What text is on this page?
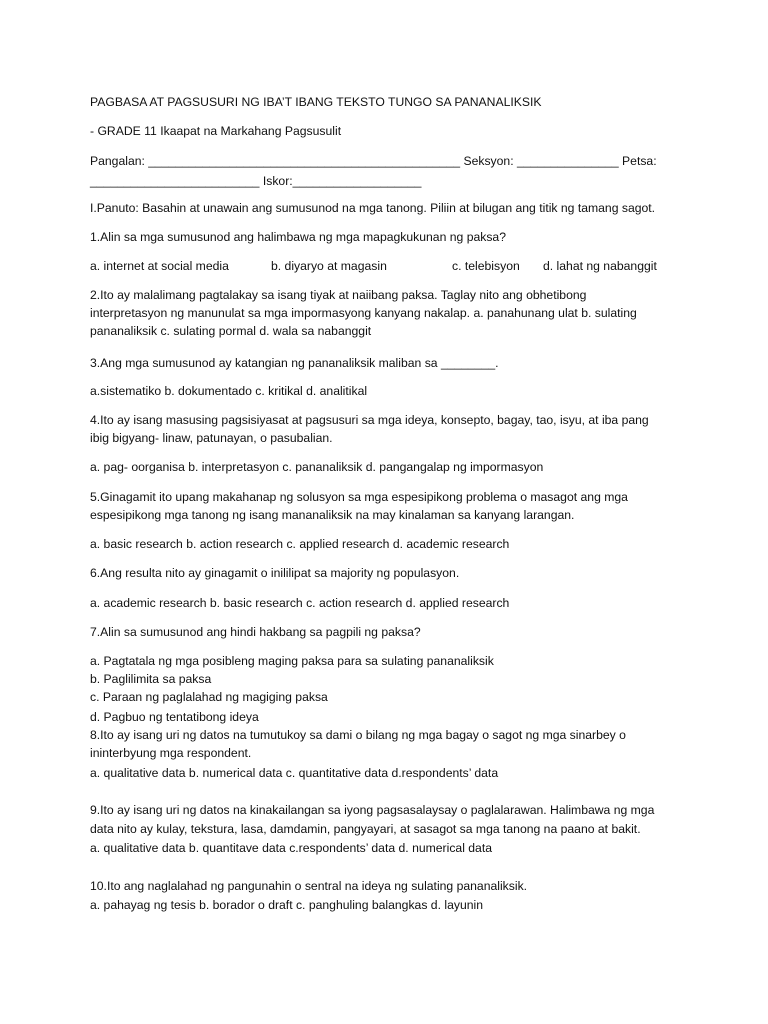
PAGBASA AT PAGSUSURI NG IBA’T IBANG TEKSTO TUNGO SA PANANALIKSIK
- GRADE 11 Ikaapat na Markahang Pagsusulit
Pangalan: ______________________________________________ Seksyon: _______________ Petsa:
_________________________ Iskor:___________________
I.Panuto: Basahin at unawain ang sumusunod na mga tanong. Piliin at bilugan ang titik ng tamang sagot.
1.Alin sa mga sumusunod ang halimbawa ng mga mapagkukunan ng paksa?
a. internet at social media	b. diyaryo at magasin	c. telebisyon d. lahat ng nabanggit
2.Ito ay malalimang pagtalakay sa isang tiyak at naiibang paksa. Taglay nito ang obhetibong
interpretasyon ng manunulat sa mga impormasyong kanyang nakalap. a. panahunang ulat b. sulating
pananaliksik c. sulating pormal d. wala sa nabanggit
3.Ang mga sumusunod ay katangian ng pananaliksik maliban sa ________.
a.sistematiko b. dokumentado c. kritikal d. analitikal
4.Ito ay isang masusing pagsisiyasat at pagsusuri sa mga ideya, konsepto, bagay, tao, isyu, at iba pang
ibig bigyang- linaw, patunayan, o pasubalian.
a. pag- oorganisa b. interpretasyon c. pananaliksik d. pangangalap ng impormasyon
5.Ginagamit ito upang makahanap ng solusyon sa mga espesipikong problema o masagot ang mga
espesipikong mga tanong ng isang mananaliksik na may kinalaman sa kanyang larangan.
a. basic research b. action research c. applied research d. academic research
6.Ang resulta nito ay ginagamit o inililipat sa majority ng populasyon.
a. academic research b. basic research c. action research d. applied research
7.Alin sa sumusunod ang hindi hakbang sa pagpili ng paksa?
a. Pagtatala ng mga posibleng maging paksa para sa sulating pananaliksik
b. Paglilimita sa paksa
c. Paraan ng paglalahad ng magiging paksa
d. Pagbuo ng tentatibong ideya
8.Ito ay isang uri ng datos na tumutukoy sa dami o bilang ng mga bagay o sagot ng mga sinarbey o
ininterbyung mga respondent.
a. qualitative data b. numerical data c. quantitative data d.respondents’ data
9.Ito ay isang uri ng datos na kinakailangan sa iyong pagsasalaysay o paglalarawan. Halimbawa ng mga
data nito ay kulay, tekstura, lasa, damdamin, pangyayari, at sasagot sa mga tanong na paano at bakit.
a. qualitative data b. quantitave data c.respondents’ data d. numerical data
10.Ito ang naglalahad ng pangunahin o sentral na ideya ng sulating pananaliksik.
a. pahayag ng tesis b. borador o draft c. panghuling balangkas d. layunin
